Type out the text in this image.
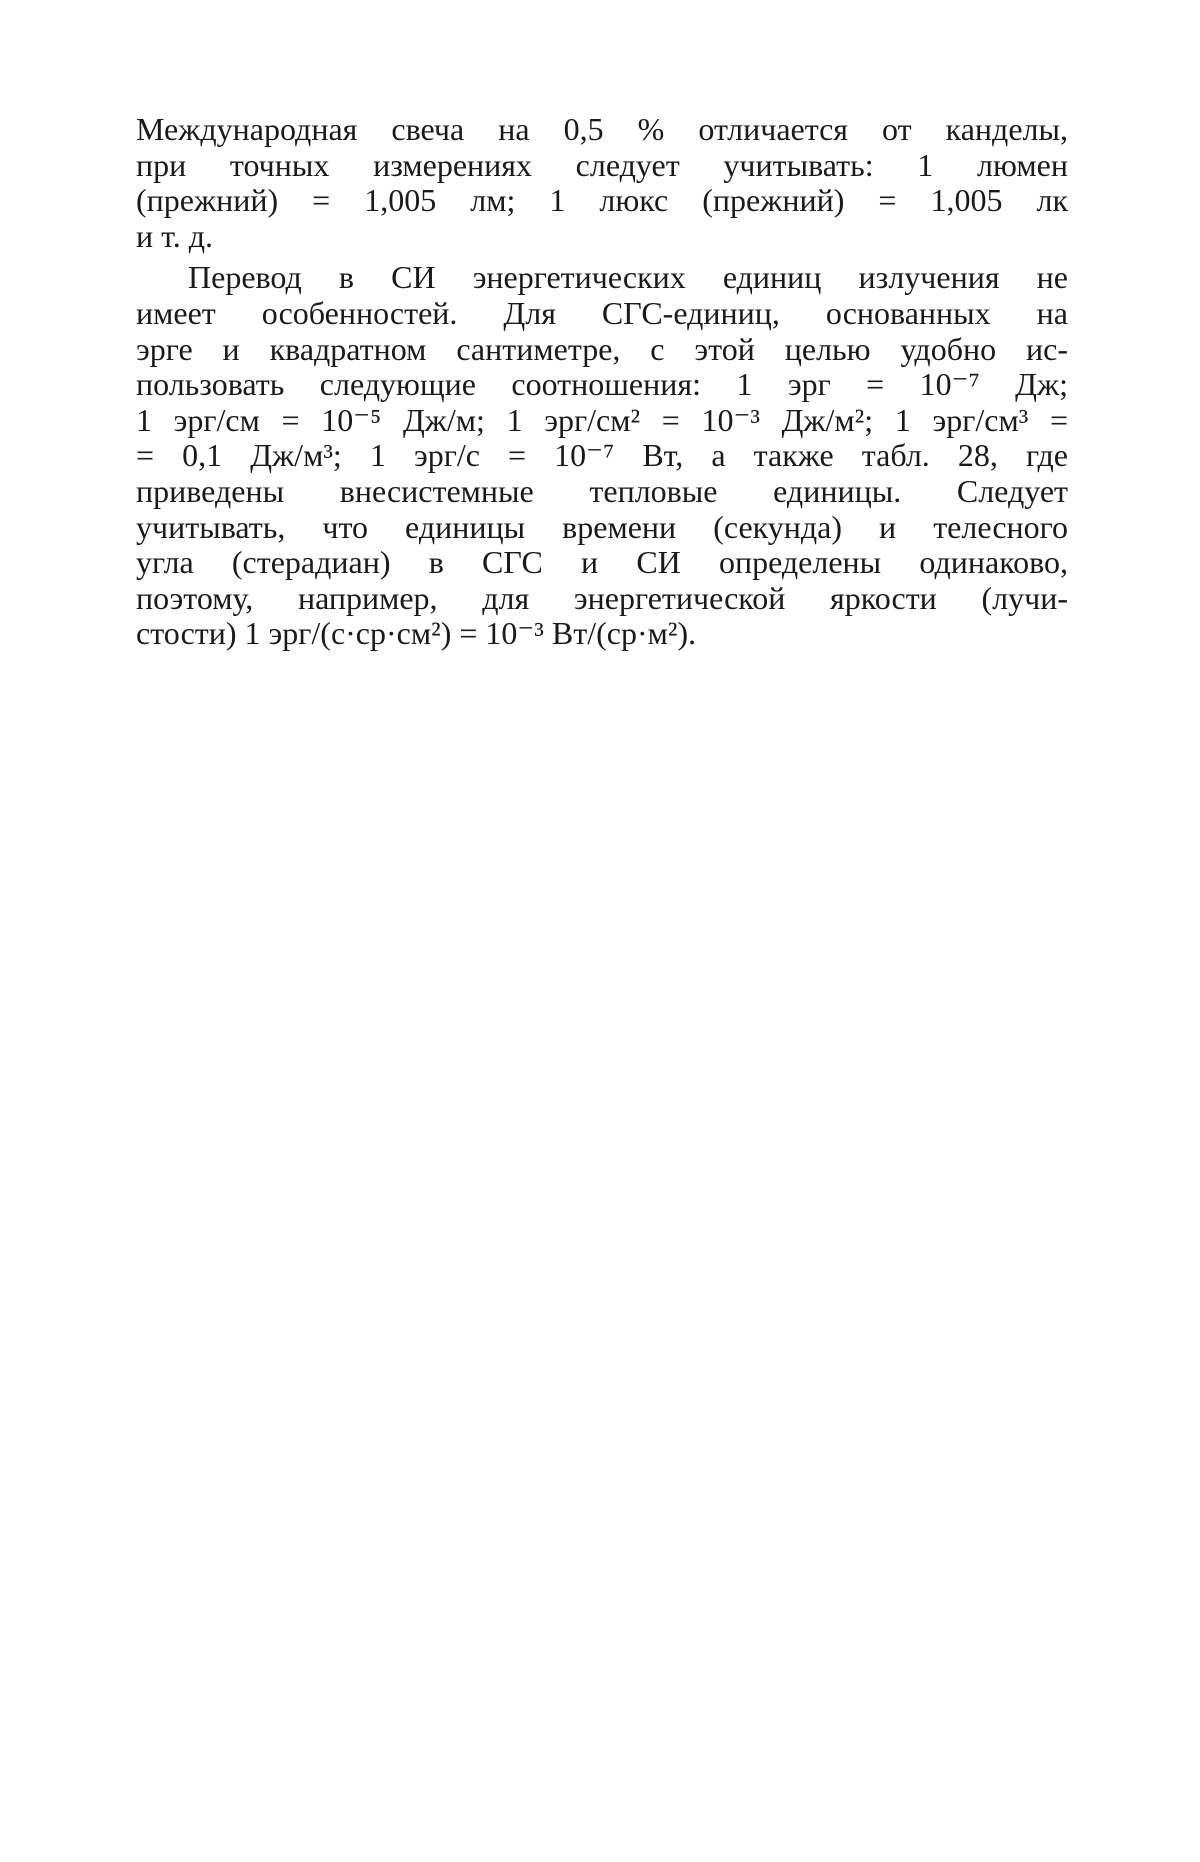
Международная свеча на 0,5 % отличается от канделы,
при точных измерениях следует учитывать: 1 люмен
(прежний) = 1,005 лм; 1 люкс (прежний) = 1,005 лк
и т. д.
Перевод в СИ энергетических единиц излучения не
имеет особенностей. Для СГС-единиц, основанных на
эрге и квадратном сантиметре, с этой целью удобно ис-
пользовать следующие соотношения: 1 эрг = 10⁻⁷ Дж;
1 эрг/см = 10⁻⁵ Дж/м; 1 эрг/см² = 10⁻³ Дж/м²; 1 эрг/см³ =
= 0,1 Дж/м³; 1 эрг/с = 10⁻⁷ Вт, а также табл. 28, где
приведены внесистемные тепловые единицы. Следует
учитывать, что единицы времени (секунда) и телесного
угла (стерадиан) в СГС и СИ определены одинаково,
поэтому, например, для энергетической яркости (лучи-
стости) 1 эрг/(с·ср·см²) = 10⁻³ Вт/(ср·м²).
